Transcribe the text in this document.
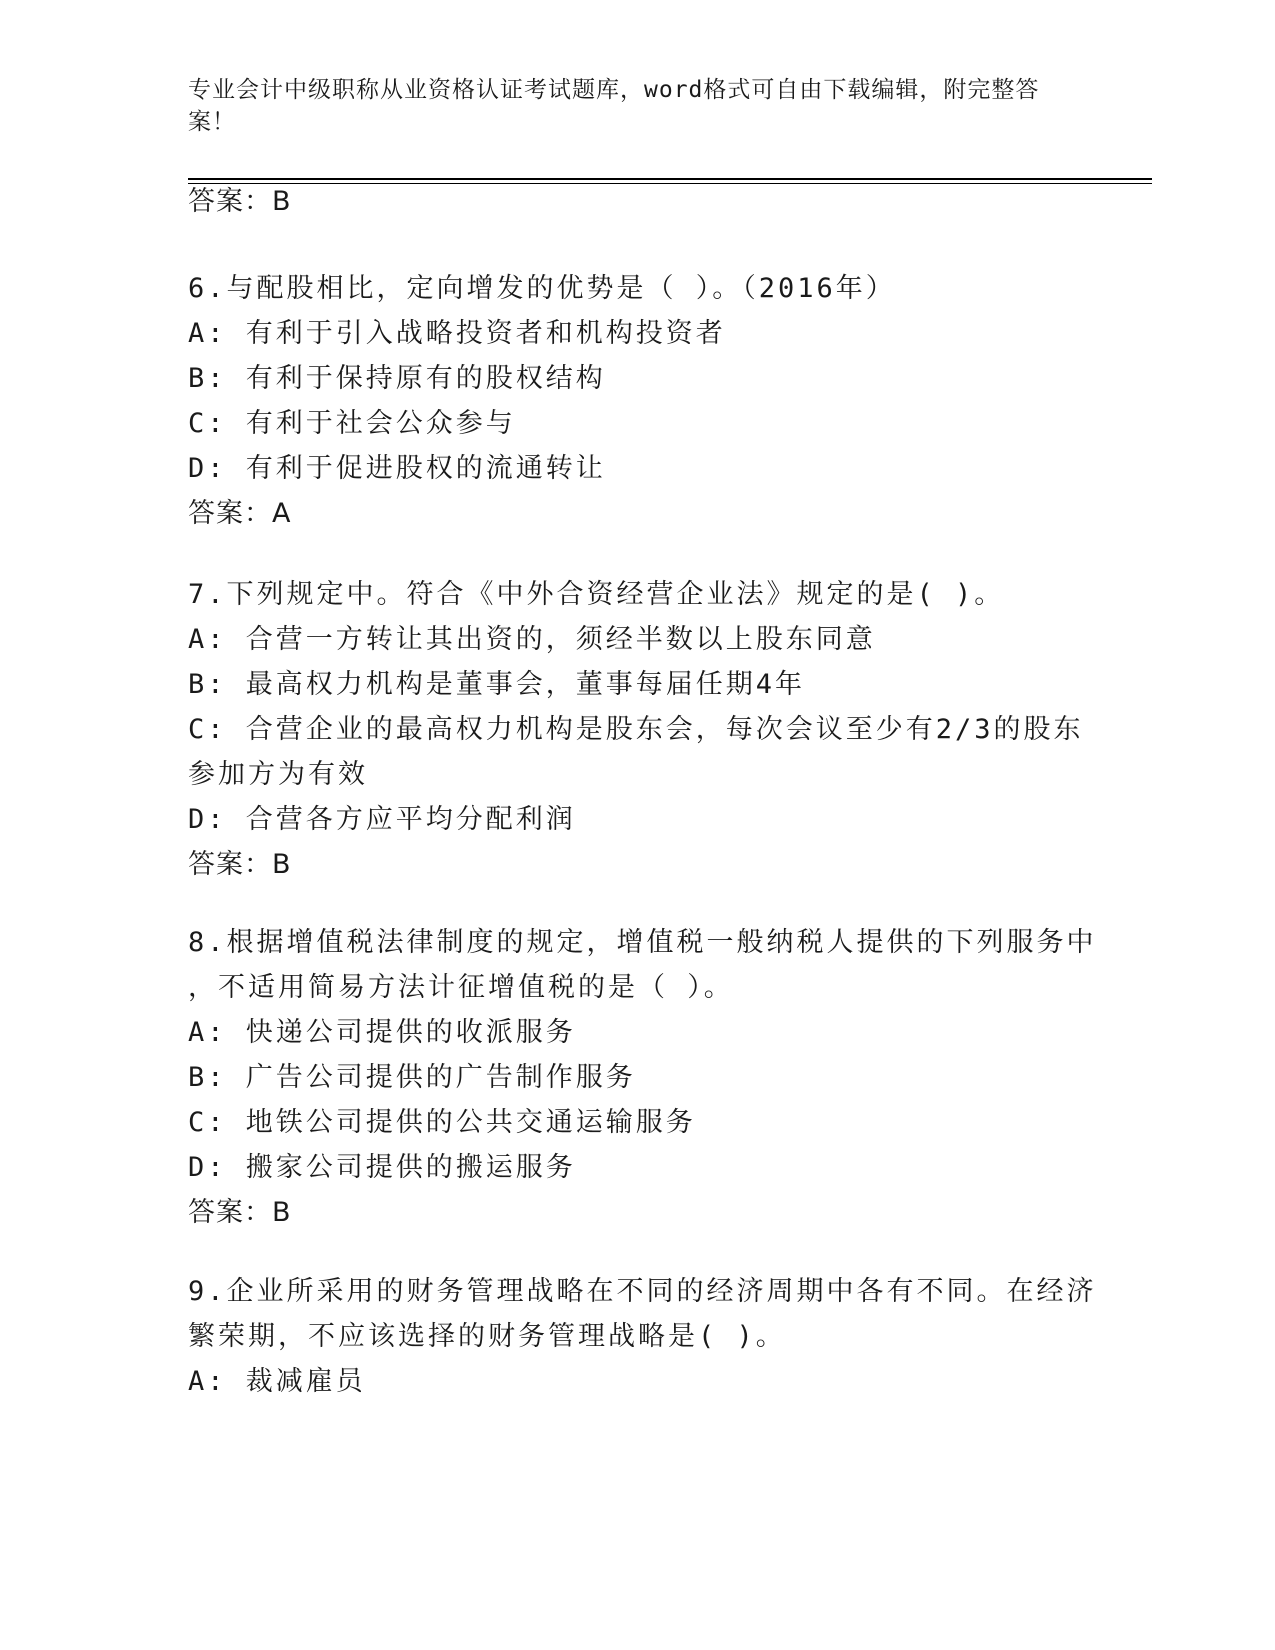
专业会计中级职称从业资格认证考试题库，word格式可自由下载编辑，附完整答
案！
答案：B
6.与配股相比，定向增发的优势是（ ）。（2016年）
A: 有利于引入战略投资者和机构投资者
B: 有利于保持原有的股权结构
C: 有利于社会公众参与
D: 有利于促进股权的流通转让
答案：A
7.下列规定中。符合《中外合资经营企业法》规定的是( )。
A: 合营一方转让其出资的，须经半数以上股东同意
B: 最高权力机构是董事会，董事每届任期4年
C: 合营企业的最高权力机构是股东会，每次会议至少有2/3的股东
参加方为有效
D: 合营各方应平均分配利润
答案：B
8.根据增值税法律制度的规定，增值税一般纳税人提供的下列服务中
，不适用简易方法计征增值税的是（ ）。
A: 快递公司提供的收派服务
B: 广告公司提供的广告制作服务
C: 地铁公司提供的公共交通运输服务
D: 搬家公司提供的搬运服务
答案：B
9.企业所采用的财务管理战略在不同的经济周期中各有不同。在经济
繁荣期，不应该选择的财务管理战略是( )。
A: 裁减雇员
